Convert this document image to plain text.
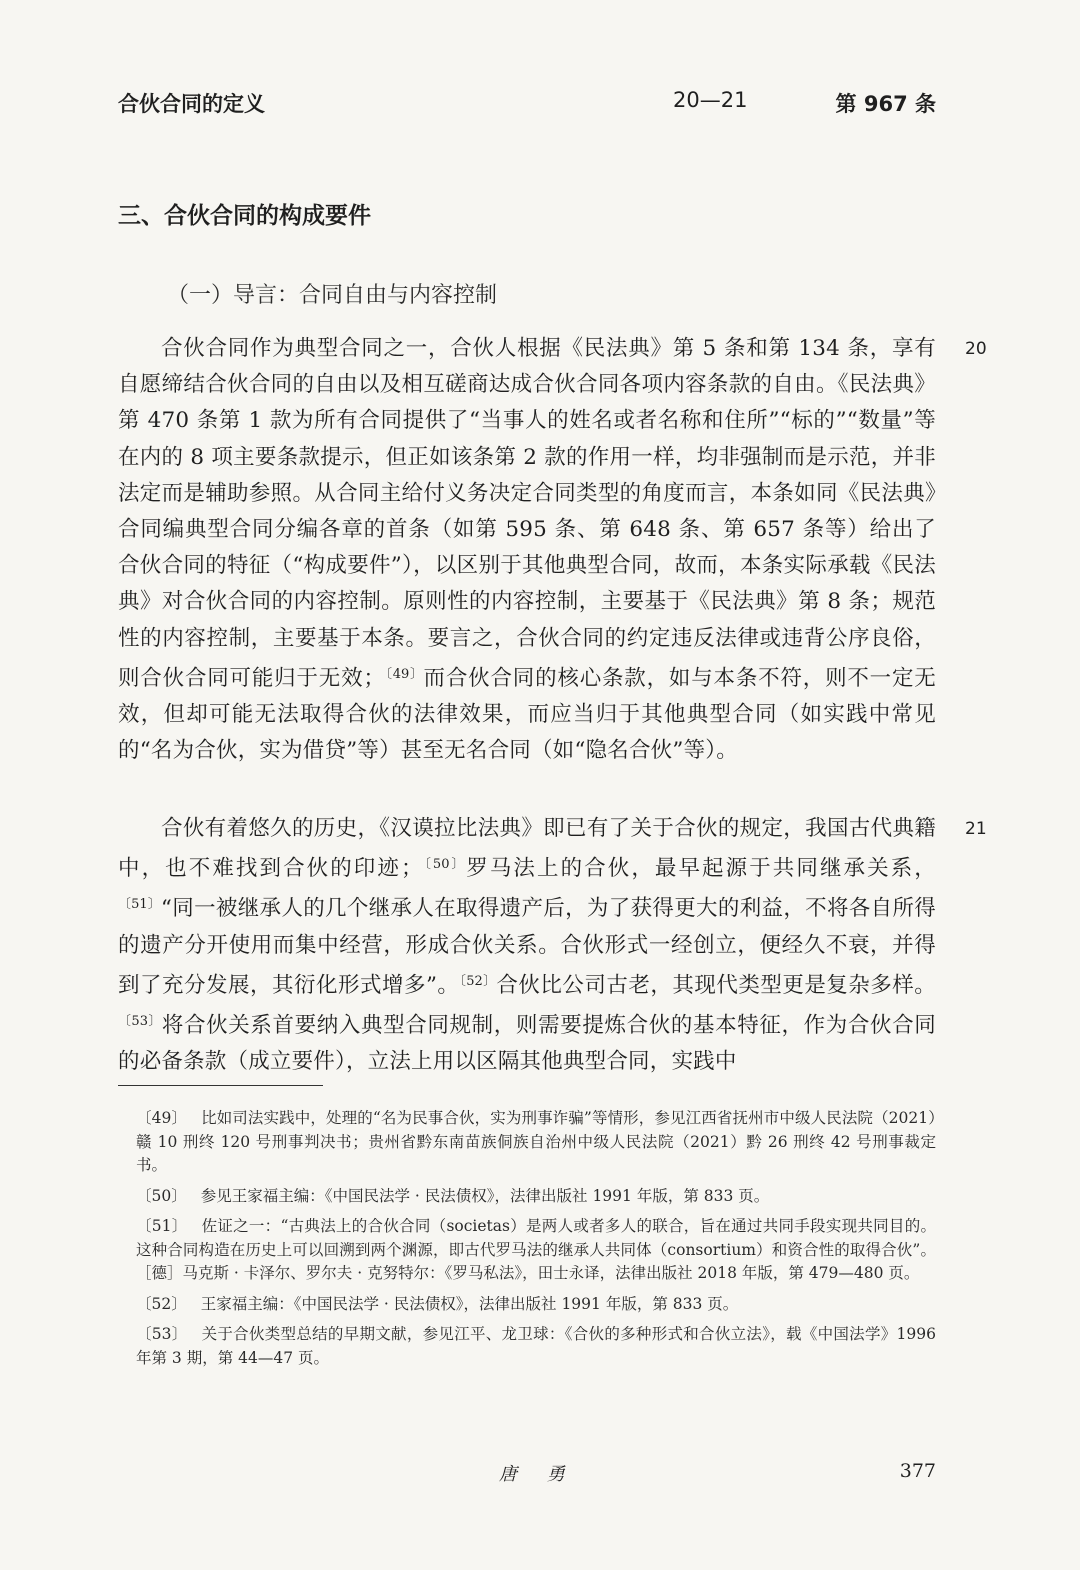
合伙合同的定义	20—21	第 967 条
三、合伙合同的构成要件
（一）导言：合同自由与内容控制
20

合伙合同作为典型合同之一，合伙人根据《民法典》第 5 条和第 134 条，享有自愿缔结合伙合同的自由以及相互磋商达成合伙合同各项内容条款的自由。《民法典》第 470 条第 1 款为所有合同提供了“当事人的姓名或者名称和住所”“标的”“数量”等在内的 8 项主要条款提示，但正如该条第 2 款的作用一样，均非强制而是示范，并非法定而是辅助参照。从合同主给付义务决定合同类型的角度而言，本条如同《民法典》合同编典型合同分编各章的首条（如第 595 条、第 648 条、第 657 条等）给出了合伙合同的特征（“构成要件”），以区别于其他典型合同，故而，本条实际承载《民法典》对合伙合同的内容控制。原则性的内容控制，主要基于《民法典》第 8 条；规范性的内容控制，主要基于本条。要言之，合伙合同的约定违反法律或违背公序良俗，则合伙合同可能归于无效；$^{〔49〕}$而合伙合同的核心条款，如与本条不符，则不一定无效，但却可能无法取得合伙的法律效果，而应当归于其他典型合同（如实践中常见的“名为合伙，实为借贷”等）甚至无名合同（如“隐名合伙”等）。

21

合伙有着悠久的历史，《汉谟拉比法典》即已有了关于合伙的规定，我国古代典籍中，也不难找到合伙的印迹；$^{〔50〕}$罗马法上的合伙，最早起源于共同继承关系，$^{〔51〕}$“同一被继承人的几个继承人在取得遗产后，为了获得更大的利益，不将各自所得的遗产分开使用而集中经营，形成合伙关系。合伙形式一经创立，便经久不衰，并得到了充分发展，其衍化形式增多”。$^{〔52〕}$合伙比公司古老，其现代类型更是复杂多样。$^{〔53〕}$将合伙关系首要纳入典型合同规制，则需要提炼合伙的基本特征，作为合伙合同的必备条款（成立要件），立法上用以区隔其他典型合同，实践中

〔49〕 比如司法实践中，处理的“名为民事合伙，实为刑事诈骗”等情形，参见江西省抚州市中级人民法院（2021）赣 10 刑终 120 号刑事判决书；贵州省黔东南苗族侗族自治州中级人民法院（2021）黔 26 刑终 42 号刑事裁定书。

〔50〕 参见王家福主编：《中国民法学 · 民法债权》，法律出版社 1991 年版，第 833 页。

〔51〕 佐证之一：“古典法上的合伙合同（societas）是两人或者多人的联合，旨在通过共同手段实现共同目的。这种合同构造在历史上可以回溯到两个渊源，即古代罗马法的继承人共同体（consortium）和资合性的取得合伙”。［德］马克斯 · 卡泽尔、罗尔夫 · 克努特尔：《罗马私法》，田士永译，法律出版社 2018 年版，第 479—480 页。

〔52〕 王家福主编：《中国民法学 · 民法债权》，法律出版社 1991 年版，第 833 页。

〔53〕 关于合伙类型总结的早期文献，参见江平、龙卫球：《合伙的多种形式和合伙立法》，载《中国法学》1996 年第 3 期，第 44—47 页。

唐 勇	377
